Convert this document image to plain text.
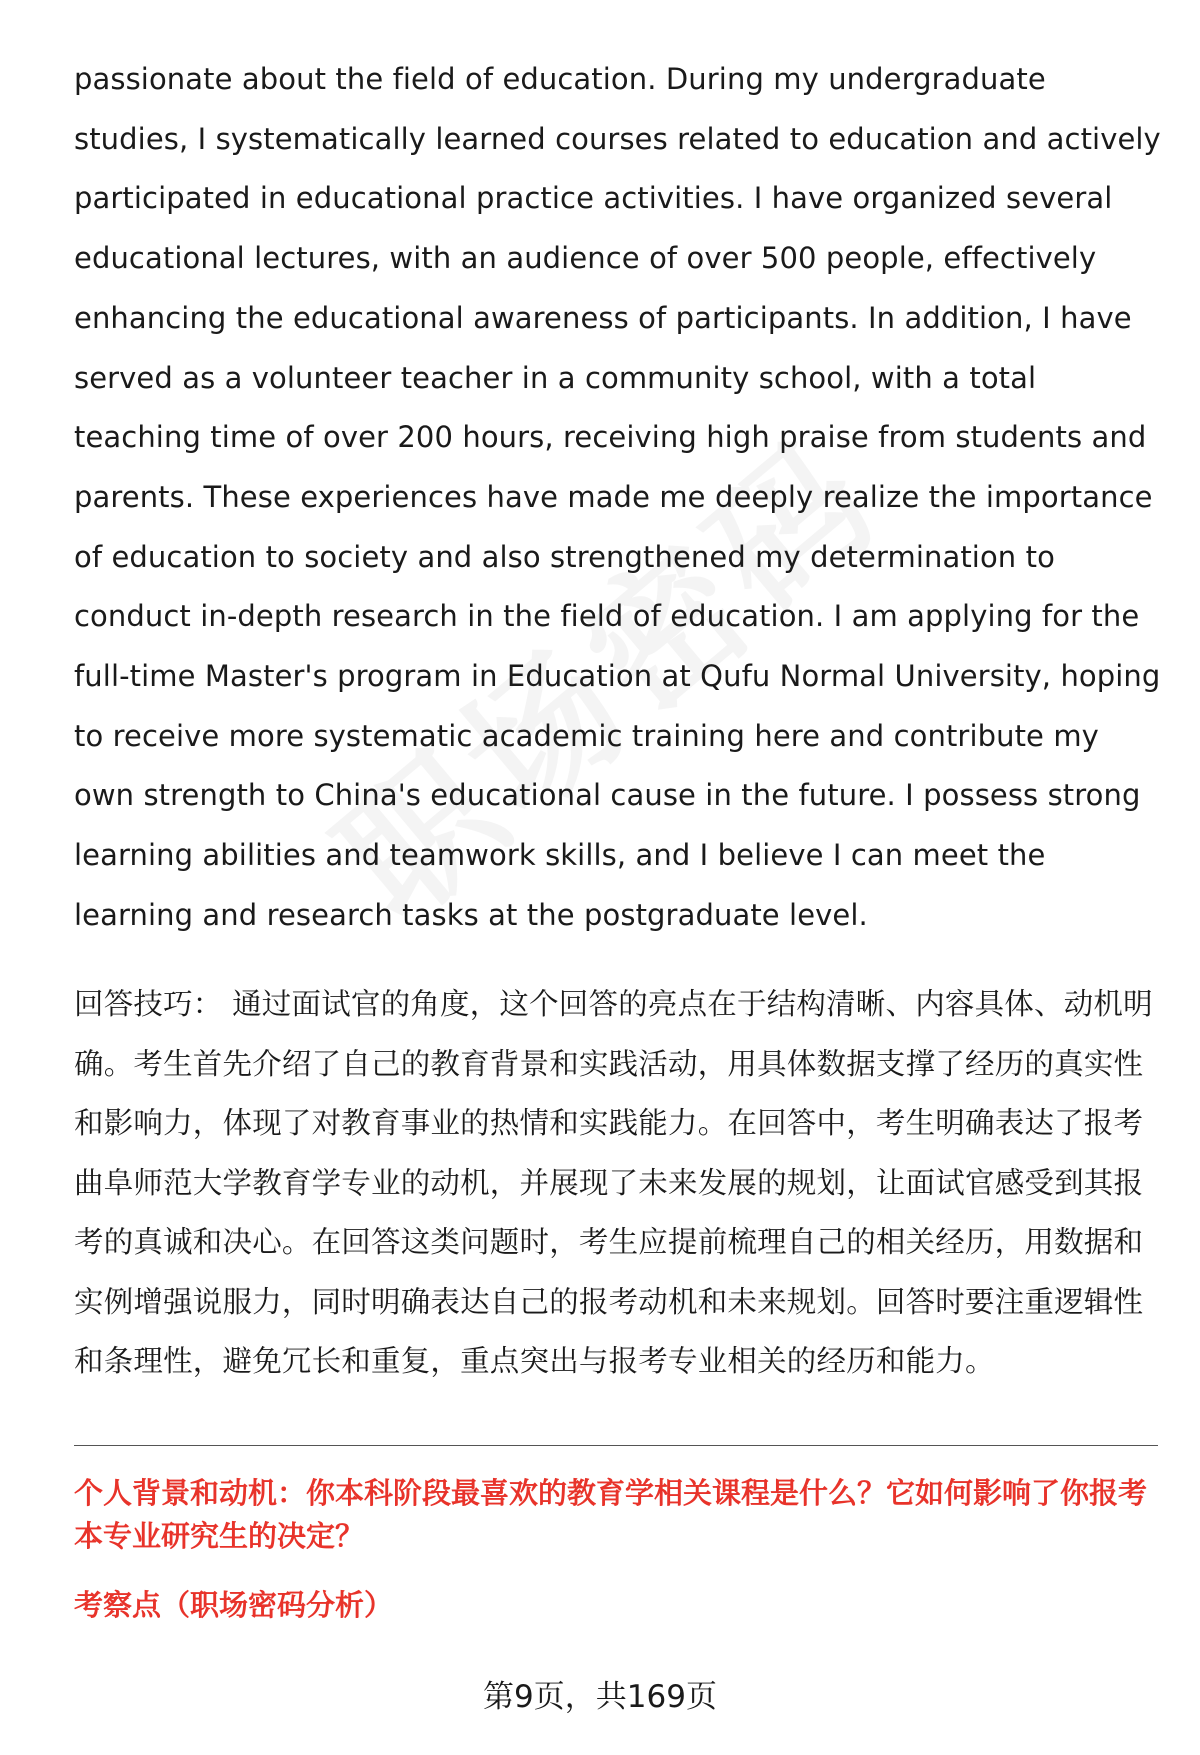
passionate about the field of education. During my undergraduate studies, I systematically learned courses related to education and actively participated in educational practice activities. I have organized several educational lectures, with an audience of over 500 people, effectively enhancing the educational awareness of participants. In addition, I have served as a volunteer teacher in a community school, with a total teaching time of over 200 hours, receiving high praise from students and parents. These experiences have made me deeply realize the importance of education to society and also strengthened my determination to conduct in-depth research in the field of education. I am applying for the full-time Master's program in Education at Qufu Normal University, hoping to receive more systematic academic training here and contribute my own strength to China's educational cause in the future. I possess strong learning abilities and teamwork skills, and I believe I can meet the learning and research tasks at the postgraduate level.

回答技巧： 通过面试官的角度，这个回答的亮点在于结构清晰、内容具体、动机明确。考生首先介绍了自己的教育背景和实践活动，用具体数据支撑了经历的真实性和影响力，体现了对教育事业的热情和实践能力。在回答中，考生明确表达了报考曲阜师范大学教育学专业的动机，并展现了未来发展的规划，让面试官感受到其报考的真诚和决心。在回答这类问题时，考生应提前梳理自己的相关经历，用数据和实例增强说服力，同时明确表达自己的报考动机和未来规划。回答时要注重逻辑性和条理性，避免冗长和重复，重点突出与报考专业相关的经历和能力。

个人背景和动机：你本科阶段最喜欢的教育学相关课程是什么？它如何影响了你报考本专业研究生的决定？

考察点（职场密码分析）

第9页，共169页
